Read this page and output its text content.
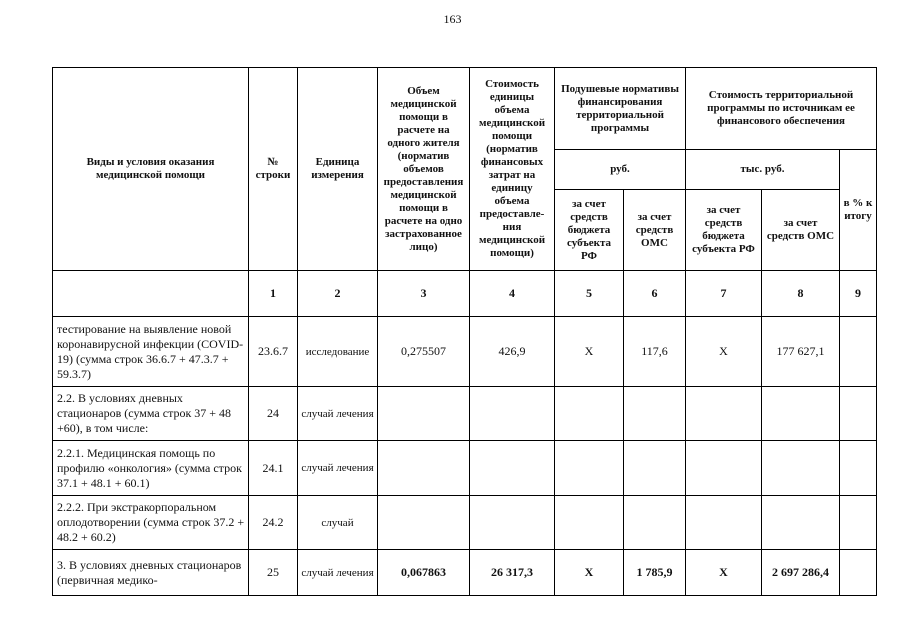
163
Виды и условия оказания медицинской помощи	№ строки	Единица измерения	Объем медицинской помощи в расчете на одного жителя (норматив объемов предоставления медицинской помощи в расчете на одно застрахованное лицо)	Стоимость единицы объема медицинской помощи (норматив финансовых затрат на единицу объема предоставле-ния медицинской помощи)	Подушевые нормативы финансирования территориальной программы		Стоимость территориальной программы по источникам ее финансового обеспечения		
					руб.		тыс. руб.		в % к итогу
					за счет средств бюджета субъекта РФ	за счет средств ОМС	за счет средств бюджета субъекта РФ	за счет средств ОМС	
	1	2	3	4	5	6	7	8	9
тестирование на выявление новой коронавирусной инфекции (COVID-19) (сумма строк 36.6.7 + 47.3.7 + 59.3.7)	23.6.7	исследование	0,275507	426,9	Х	117,6	Х	177 627,1	
2.2. В условиях дневных стационаров (сумма строк 37 + 48 +60), в том числе:	24	случай лечения							
2.2.1. Медицинская помощь по профилю «онкология» (сумма строк 37.1 + 48.1 + 60.1)	24.1	случай лечения							
2.2.2. При экстракорпоральном оплодотворении (сумма строк 37.2 + 48.2 + 60.2)	24.2	случай							
3. В условиях дневных стационаров (первичная медико-	25	случай лечения	0,067863	26 317,3	Х	1 785,9	Х	2 697 286,4	
